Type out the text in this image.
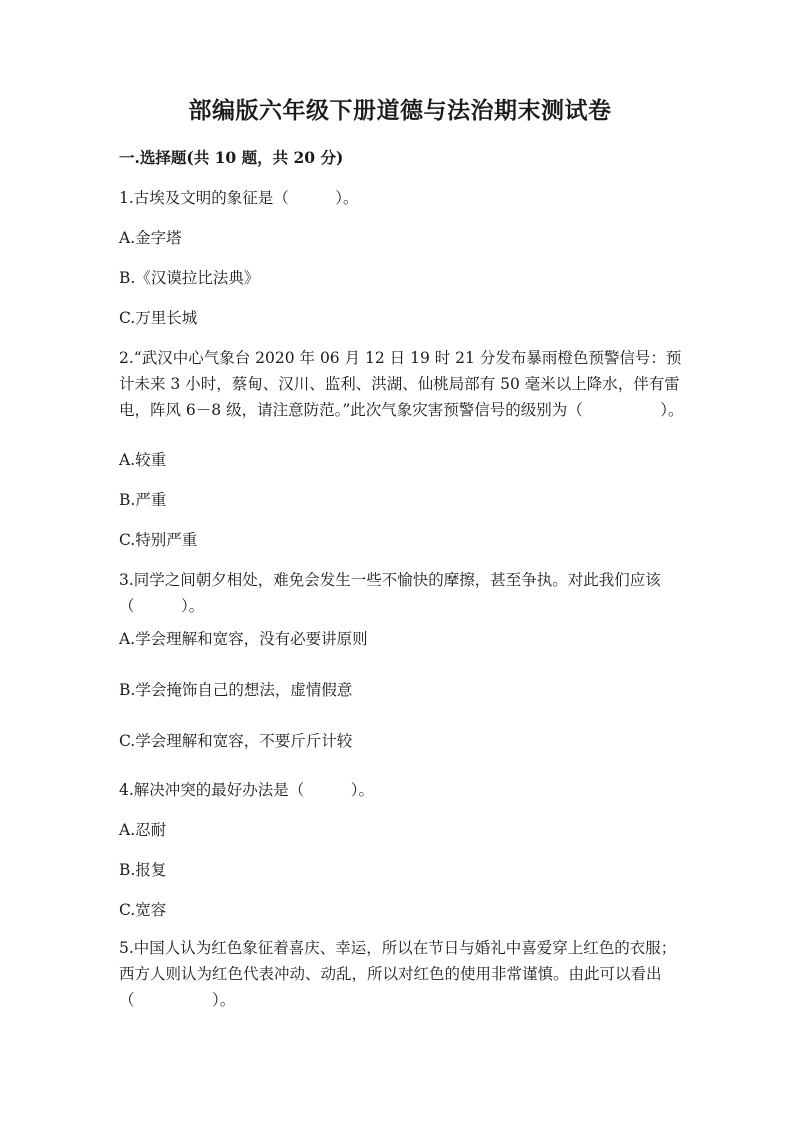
部编版六年级下册道德与法治期末测试卷
一.选择题(共 10 题，共 20 分)
1.古埃及文明的象征是（　　　）。
A.金字塔
B.《汉谟拉比法典》
C.万里长城
2.“武汉中心气象台 2020 年 06 月 12 日 19 时 21 分发布暴雨橙色预警信号：预计未来 3 小时，蔡甸、汉川、监利、洪湖、仙桃局部有 50 毫米以上降水，伴有雷电，阵风 6－8 级，请注意防范。”此次气象灾害预警信号的级别为（　　　　　）。
A.较重
B.严重
C.特别严重
3.同学之间朝夕相处，难免会发生一些不愉快的摩擦，甚至争执。对此我们应该（　　　）。
A.学会理解和宽容，没有必要讲原则
B.学会掩饰自己的想法，虚情假意
C.学会理解和宽容，不要斤斤计较
4.解决冲突的最好办法是（　　　）。
A.忍耐
B.报复
C.宽容
5.中国人认为红色象征着喜庆、幸运，所以在节日与婚礼中喜爱穿上红色的衣服；西方人则认为红色代表冲动、动乱，所以对红色的使用非常谨慎。由此可以看出（　　　　　）。
